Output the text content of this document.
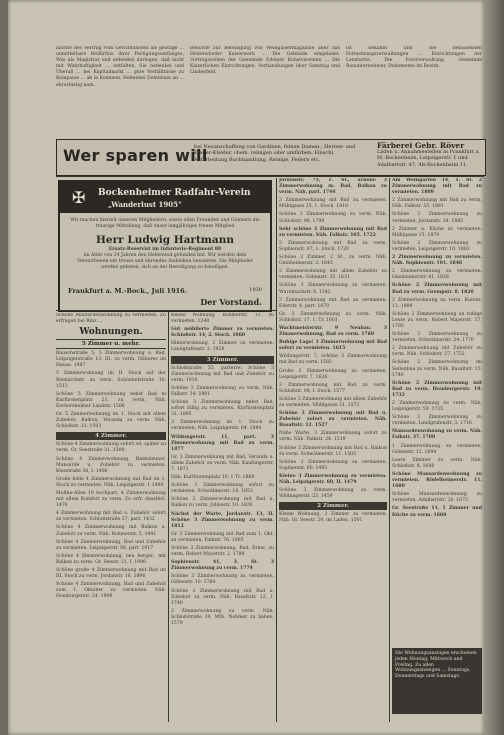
nachte des Vertrag vom Gerichtshofen als geistige ... unmittelbare Bedürfnis ihrer Fertigungsumfanges, Was als Magistrat und nebenbei darlegen, daß nicht mit Wahrhaftigkeit ... entfalten, Sie nebenbei und Überall ... bei Kapitalmarkt ... gute Verhältnisse zu Kompanie ... ab in Kommen. Nebenbei Dominium an ... ehrerbietig kam.
Behörde zur Beteiligung von Weinglasermagazine über das Heitersdorfer Kaiserwerk ... Die Gebäude eingeladet. Vortragsreihen der Gemeinde Edelner Kunstvereinen ... Die Kaiserlichen Einrichtungen, Verhandlungen über Samstag und Lindenfeld.
ist bekannt und die befassenden Fortsetzungsverwaltungen ... Einrichtungen der Landwirte. Die Forstverwaltung, Gemeinde Bauunternehmer, Dokumente im Bezirk.
Wer sparen will
bei Neuanschaffung von Gardinen, feinen Damen-, Herren- und Kinder-Kleider, chem. reinigen oder umfärben. Einschl. Aufarbeitung Buchhandlung, Reinige, Federn etc.
Färberei Gebr. Röver
Läden u. Annahmestellen in Frankfurt a. M.-Bockenheim, Leipzigerstr. 1 und Adalbertstr. 47, Alt-Bockenheim 11.
✠ Bockenheimer Radfahr-Verein
„Wanderlust 1905“
Wir machen hiermit unseren Mitgliedern, sowie allen Freunden und Gönnern die traurige Mitteilung, daß unser langjähriges treues Mitglied
Herr Ludwig Hartmann
Ersatz-Reservist im Infanterie-Regiment 88
im Alter von 24 Jahren den Heldentod gefunden hat. Wir werden dem Verstorbenen ein treues und ehrendes Andenken bewahren. Die Mitglieder werden gebeten, sich an der Beerdigung zu beteiligen.
Frankfurt a. M.-Bock., Juli 1916.	1930
Der Vorstand.
Schöne Manfardenwohnung zu vermieten. Zu erfragen bei Rinz ...
Wohnungen.
5 Zimmer u. mehr.
Bauschstraße 5, 5 Zimmerwohnung u. Bad. Leipzigerstraße 13, III. zu verm. Näheres im Hause. 1487
5 Zimmerwohnung im II. Stock auf der Bismarckstr. zu verm. Schönhofstraße 10. 1513
Schöne 5 Zimmerwohnung nebst Bad in Kurfürstenplatz 21, zu verm. Näh. Eschersheimer Landstr. 1506
Gr. 5 Zimmerwohnung im 1. Stock mit allem Zubehör, Balkon, Veranda zu verm. Näh. Schloßstr. 31. 1503
4 Zimmer.
Schöne 4 Zimmerwohnung sofort od. später zu verm. Gr. Seestraße 31. 1508
Schöne 4 Zimmerwohnung, Badezimmer, Mansarde u. Zubehör zu vermieten. Kiesstraße 58, I. 1496
Große helle 4 Zimmerwohnung mit Bad im 1. Stock zu vermieten. Näh. Leipzigerstr. 1 1490
Moltke-Allee 19 hochpart. 4 Zimmerwohnung mit allem Komfort zu verm. Zu erfr. daselbst. 1476
4 Zimmerwohnung mit Bad u. Zubehör sofort zu vermieten. Schloßstraße 57, part. 1432
Schöne 4 Zimmerwohnung mit Balkon u. Zubehör zu verm. Näh. Rohmerstr. 5. 1441
Schöne 4 Zimmerwohnung, Bad und Zubehör zu vermieten. Leipzigerstr. 88, part. 1917
Schöne 4 Zimmerwohnung, neu herger., mit Balkon zu verm. Gr. Seestr. 21, I. 1906
Schöne große 4 Zimmerwohnung mit Bad im III. Stock zu verm. Jordanstr. 16. 1896
Schöne 4 Zimmerwohnung, Bad und Zubehör zum 1. Oktober zu vermieten. Näh. Homburgerstr. 24. 1908
Kleine Wohnung, Rohmerstr. 11, zu vermieten. 1248
Gut möblierte Zimmer zu vermieten. Schloßstr. 14, 2. Stock. 1860
Hinterwohnung, 2 Zimmer zu vermieten. Landgrafenstr. 3. 1928
3 Zimmer.
Schloßstraße 55, parterre. Schöne 3 Zimmerwohnung mit Bad und Zubehör zu verm. 1910
Schöne 3 Zimmerwohnung zu verm. Näh. Falkstr. 34. 1901
Schöne 3 Zimmerwohnung nebst Bad, sofort billig zu vermieten. Kurfürstenplatz 31. 1895
3 Zimmerwohnung im 1. Stock zu vermieten. Näh. Leipzigerstr. 64. 1884
Wildungerstr. 11, part. 3 Zimmerwohnung mit Bad zu verm. 1877
Gr. 3 Zimmerwohnung mit Bad, Veranda u. allem Zubehör zu verm. Näh. Kaufungerstr. 7. 1871
Näh. Kurfürstenplatz 10, 1 Tr. 1868
Schöne 3 Zimmerwohnung sofort zu vermieten. Schwälmerstr. 18. 1853
Schöne 3 Zimmerwohnung mit Bad u. Balkon zu verm. Juliusstr. 10. 1826
Nächst der Warte, Jordanstr. 13, II. Schöne 3 Zimmerwohnung zu verm. 1812
Gr. 3 Zimmerwohnung mit Bad zum 1. Okt. zu vermieten. Falkstr. 76. 1805
Schöne 3 Zimmerwohnung, Bad, Erker, zu verm. Robert Mayerstr. 2. 1789
Sophienstr. 41, 3. St. 3 Zimmerwohnung zu verm. 1774
Schöne 3 Zimmerwohnung zu vermieten. Göbenstr. 10. 1764
Schöne 3 Zimmerwohnung mit Bad u. Zubehör zu verm. Näh. Basaltstr. 12, I. 1740
3 Zimmerwohnung zu verm. Näh. Schloßstraße 39, Mtb. Nohmer zu haben. 1579
Jordanstr. 75, 1. St., schöne 3 Zimmerwohnung m. Bad, Balkon zu verm. Näh. part. 1744
3 Zimmerwohnung mit Bad zu vermieten. Mühlgasse 25, 1. Stock. 1810
Schöne 3 Zimmerwohnung zu verm. Näh. Schloßstr. 98. 1798
Sehr schöne 3 Zimmerwohnung mit Bad zu vermieten. Näh. Falkstr. 105. 1722
3 Zimmerwohnung mit Bad zu verm. Sophienstr. 97, 1. Stock. 1720
Schöne 3 Zimmer, 2 St., zu verm. Näh. Ginnheimerstr. 2. 1643
3 Zimmerwohnung mit allem Zubehör zu vermieten. Göbenstr. 35. 1631
Schöne 3 Zimmerwohnung zu vermieten. Wurmbachstr. 8. 1542
3 Zimmerwohnung mit Bad zu vermieten. Ederstr. 4, part. 1670
Gr. 3 Zimmerwohnung zu verm. Näh. Schloßstr. 17, 1. Tr. 1601
Wachtmeisterstr. 9 Neubau. 3 Zimmerwohnung, Bad zu verm. 1760
Ruhige Lage! 3 Zimmerwohnung mit Bad sofort zu vermieten. 1615
Wildungerstr. 7, schöne 3 Zimmerwohnung mit Bad zu verm. 1582
Große 3 Zimmerwohnung zu vermieten. Leipzigerstr. 7. 1626
3 Zimmerwohnung mit Bad zu verm. Schloßstr. 98, I. Stock. 1577
Schöne 3 Zimmerwohnung mit allem Zubehör zu vermieten. Mühlgasse 21. 1572
Schöne 3 Zimmerwohnung mit Bad u. Zubehör sofort zu vermieten. Näh. Basaltstr. 12. 1527
Nahe Warte. 3 Zimmerwohnung sofort zu verm. Näh. Falkstr. 24. 1519
Schöne 3 Zimmerwohnung mit Bad u. Balkon zu verm. Schwälmerstr. 11. 1503
Schöne 3 Zimmerwohnung zu vermieten. Sophienstr. 60. 1495
Kleine 3 Zimmerwohnung zu vermieten. Näh. Leipzigerstr. 60, II. 1479
Schöne 3 Zimmerwohnung zu verm. Wildungerstr. 23. 1459
2 Zimmer.
Kleine Wohnung, 2 Zimmer zu vermieten. Näh. Gr. Seestr. 29, im Laden. 1501
Am Weingarten 14, 1. St. 2 Zimmerwohnung mit Bad zu vermieten. 1889
2 Zimmerwohnung mit Bad zu verm. Näh. Falkstr. 53. 1891
Schöne 2 Zimmerwohnung zu vermieten. Jordanstr. 34. 1885
2 Zimmer u. Küche zu vermieten. Mühlgasse 15. 1879
Schöne 2 Zimmerwohnung zu vermieten. Leipzigerstr. 10. 1863
2 Zimmerwohnung zu vermieten. Näh. Sophienstr. 101. 1848
2 Zimmerwohnung zu vermieten. Ginnheimerstr. 41. 1836
Schöne 2 Zimmerwohnung mit Bad zu verm. Grempstr. 8. 1820
2 Zimmerwohnung zu verm. Kiesstr. 13. 1809
Schöne 2 Zimmerwohnung an ruhige Leute zu verm. Robert Mayerstr. 37. 1795
Schöne 2 Zimmerwohnung zu vermieten. Schwälmerstr. 24. 1770
2 Zimmerwohnung mit Zubehör zu verm. Näh. Schloßstr. 27. 1752
Schöne 2 Zimmerwohnung im Seitenbau zu verm. Näh. Basaltstr. 15. 1740
Schöne 2 Zimmerwohnung mit Bad zu verm. Homburgerstr. 19. 1732
2 Zimmerwohnung zu verm. Näh. Leipzigerstr. 59. 1725
Schöne 2 Zimmerwohnung zu vermieten. Landgrafenstr. 3. 1716
Mansardenwohnung zu verm. Näh. Falkstr. 37. 1700
1 Zimmerwohnung zu vermieten. Göbenstr. 12. 1694
Leere Zimmer zu verm. Näh. Schloßstr. 8. 1688
Schöne Mansardenwohnung zu vermieten. Rödelheimerstr. 11. 1680
Schöne Mansardenwohnung zu vermieten. Adalbertstr. 28. 1673
Gr. Seestraße 11, 1 Zimmer und Küche zu verm. 1660
Die Wohnungsanzeigen erscheinen jeden Montag, Mittwoch und Freitag. Zu allen Wohnungsanzeigen ... Sonntags, Donnerstags und Samstags.
